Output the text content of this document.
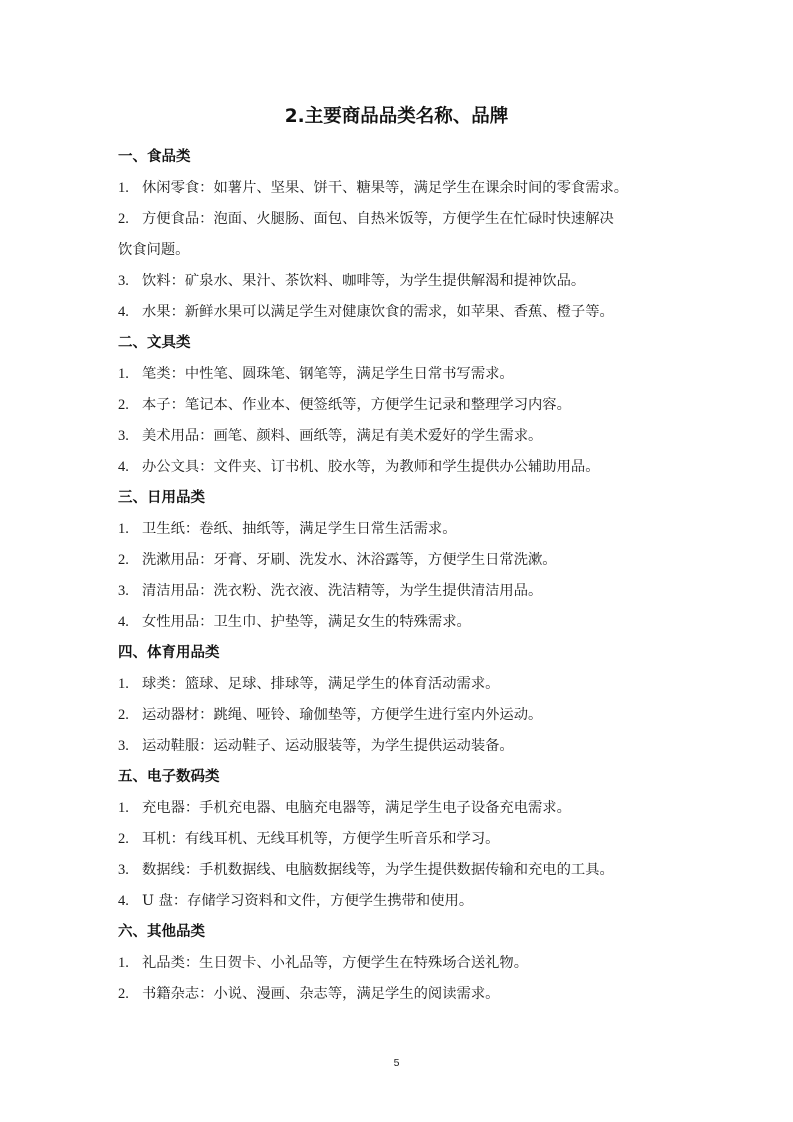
2.主要商品品类名称、品牌
一、食品类
1. 休闲零食：如薯片、坚果、饼干、糖果等，满足学生在课余时间的零食需求。
2. 方便食品：泡面、火腿肠、面包、自热米饭等，方便学生在忙碌时快速解决
饮食问题。
3. 饮料：矿泉水、果汁、茶饮料、咖啡等，为学生提供解渴和提神饮品。
4. 水果：新鲜水果可以满足学生对健康饮食的需求，如苹果、香蕉、橙子等。
二、文具类
1. 笔类：中性笔、圆珠笔、钢笔等，满足学生日常书写需求。
2. 本子：笔记本、作业本、便签纸等，方便学生记录和整理学习内容。
3. 美术用品：画笔、颜料、画纸等，满足有美术爱好的学生需求。
4. 办公文具：文件夹、订书机、胶水等，为教师和学生提供办公辅助用品。
三、日用品类
1. 卫生纸：卷纸、抽纸等，满足学生日常生活需求。
2. 洗漱用品：牙膏、牙刷、洗发水、沐浴露等，方便学生日常洗漱。
3. 清洁用品：洗衣粉、洗衣液、洗洁精等，为学生提供清洁用品。
4. 女性用品：卫生巾、护垫等，满足女生的特殊需求。
四、体育用品类
1. 球类：篮球、足球、排球等，满足学生的体育活动需求。
2. 运动器材：跳绳、哑铃、瑜伽垫等，方便学生进行室内外运动。
3. 运动鞋服：运动鞋子、运动服装等，为学生提供运动装备。
五、电子数码类
1. 充电器：手机充电器、电脑充电器等，满足学生电子设备充电需求。
2. 耳机：有线耳机、无线耳机等，方便学生听音乐和学习。
3. 数据线：手机数据线、电脑数据线等，为学生提供数据传输和充电的工具。
4. U 盘：存储学习资料和文件，方便学生携带和使用。
六、其他品类
1. 礼品类：生日贺卡、小礼品等，方便学生在特殊场合送礼物。
2. 书籍杂志：小说、漫画、杂志等，满足学生的阅读需求。
5
